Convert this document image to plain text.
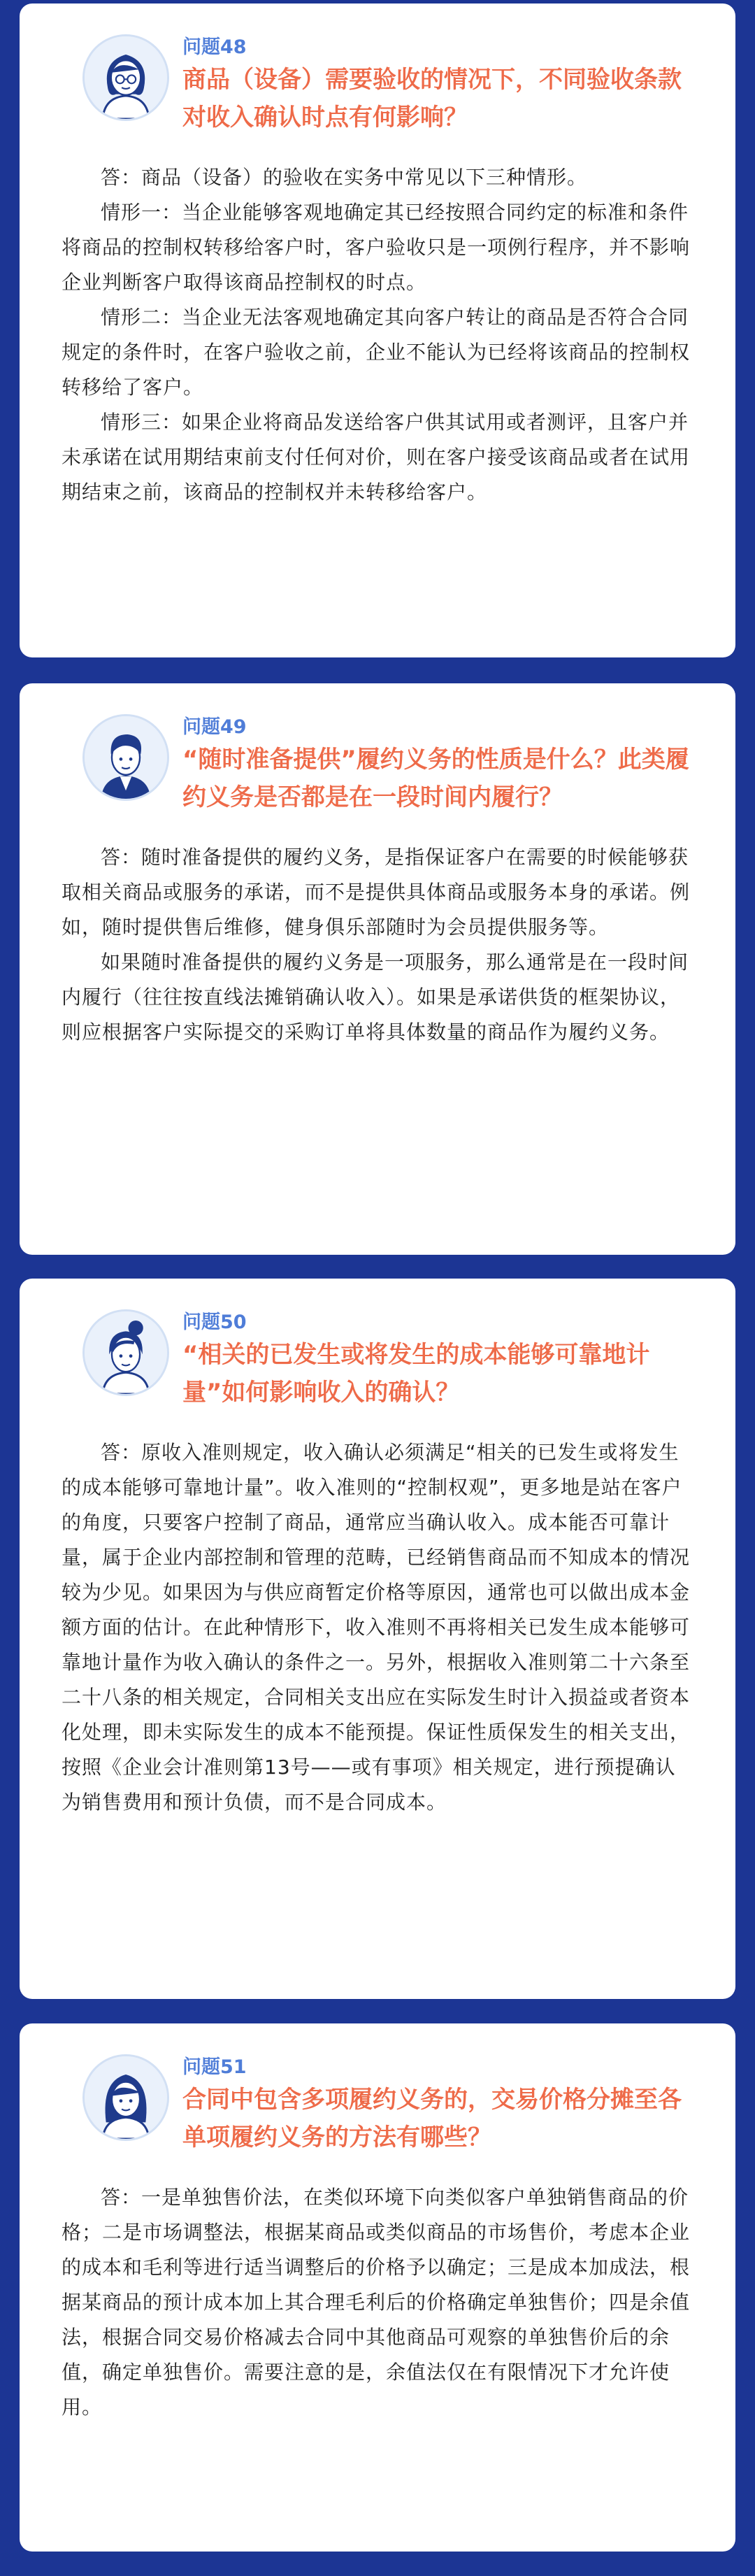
问题48
商品（设备）需要验收的情况下，不同验收条款对收入确认时点有何影响？

答：商品（设备）的验收在实务中常见以下三种情形。

情形一：当企业能够客观地确定其已经按照合同约定的标准和条件将商品的控制权转移给客户时，客户验收只是一项例行程序，并不影响企业判断客户取得该商品控制权的时点。

情形二：当企业无法客观地确定其向客户转让的商品是否符合合同规定的条件时，在客户验收之前，企业不能认为已经将该商品的控制权转移给了客户。

情形三：如果企业将商品发送给客户供其试用或者测评，且客户并未承诺在试用期结束前支付任何对价，则在客户接受该商品或者在试用期结束之前，该商品的控制权并未转移给客户。

问题49
“随时准备提供”履约义务的性质是什么？此类履约义务是否都是在一段时间内履行？

答：随时准备提供的履约义务，是指保证客户在需要的时候能够获取相关商品或服务的承诺，而不是提供具体商品或服务本身的承诺。例如，随时提供售后维修，健身俱乐部随时为会员提供服务等。

如果随时准备提供的履约义务是一项服务，那么通常是在一段时间内履行（往往按直线法摊销确认收入）。如果是承诺供货的框架协议，则应根据客户实际提交的采购订单将具体数量的商品作为履约义务。

问题50
“相关的已发生或将发生的成本能够可靠地计量”如何影响收入的确认？

答：原收入准则规定，收入确认必须满足“相关的已发生或将发生的成本能够可靠地计量”。收入准则的“控制权观”，更多地是站在客户的角度，只要客户控制了商品，通常应当确认收入。成本能否可靠计量，属于企业内部控制和管理的范畴，已经销售商品而不知成本的情况较为少见。如果因为与供应商暂定价格等原因，通常也可以做出成本金额方面的估计。在此种情形下，收入准则不再将相关已发生成本能够可靠地计量作为收入确认的条件之一。另外，根据收入准则第二十六条至二十八条的相关规定，合同相关支出应在实际发生时计入损益或者资本化处理，即未实际发生的成本不能预提。保证性质保发生的相关支出，按照《企业会计准则第13号——或有事项》相关规定，进行预提确认为销售费用和预计负债，而不是合同成本。

问题51
合同中包含多项履约义务的，交易价格分摊至各单项履约义务的方法有哪些？

答：一是单独售价法，在类似环境下向类似客户单独销售商品的价格；二是市场调整法，根据某商品或类似商品的市场售价，考虑本企业的成本和毛利等进行适当调整后的价格予以确定；三是成本加成法，根据某商品的预计成本加上其合理毛利后的价格确定单独售价；四是余值法，根据合同交易价格减去合同中其他商品可观察的单独售价后的余值，确定单独售价。需要注意的是，余值法仅在有限情况下才允许使用。
